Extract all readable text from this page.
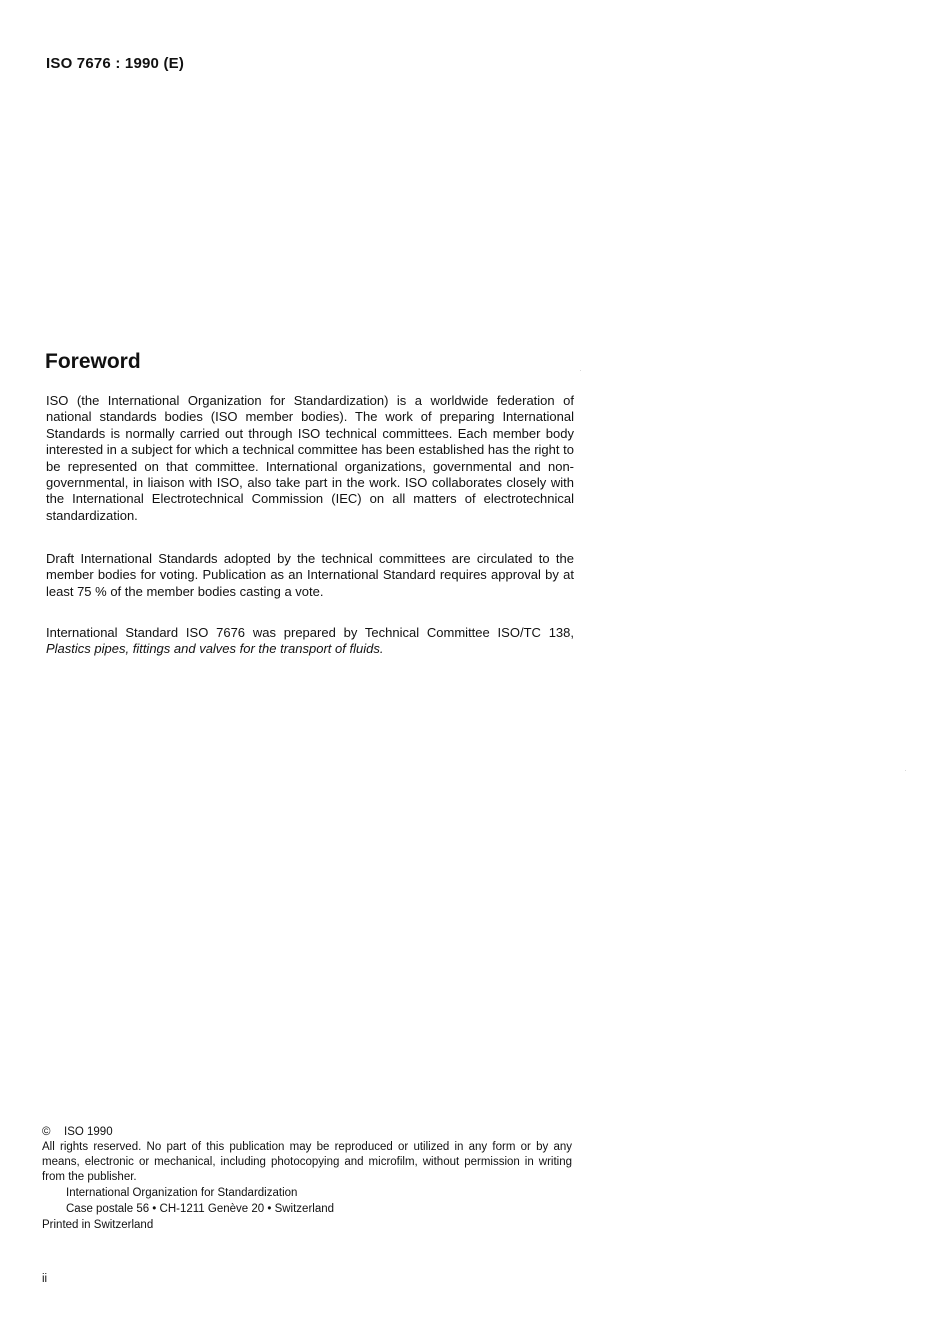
ISO 7676 : 1990 (E)
Foreword

ISO (the International Organization for Standardization) is a worldwide federation of national standards bodies (ISO member bodies). The work of preparing International Standards is normally carried out through ISO technical committees. Each member body interested in a subject for which a technical committee has been established has the right to be represented on that committee. International organizations, governmental and non-governmental, in liaison with ISO, also take part in the work. ISO collaborates closely with the International Electrotechnical Commission (IEC) on all matters of electrotechnical standardization.

Draft International Standards adopted by the technical committees are circulated to the member bodies for voting. Publication as an International Standard requires approval by at least 75 % of the member bodies casting a vote.

International Standard ISO 7676 was prepared by Technical Committee ISO/TC 138, Plastics pipes, fittings and valves for the transport of fluids.

© ISO 1990

All rights reserved. No part of this publication may be reproduced or utilized in any form or by any means, electronic or mechanical, including photocopying and microfilm, without permission in writing from the publisher.

International Organization for Standardization

Case postale 56 • CH-1211 Genève 20 • Switzerland

Printed in Switzerland

ii
